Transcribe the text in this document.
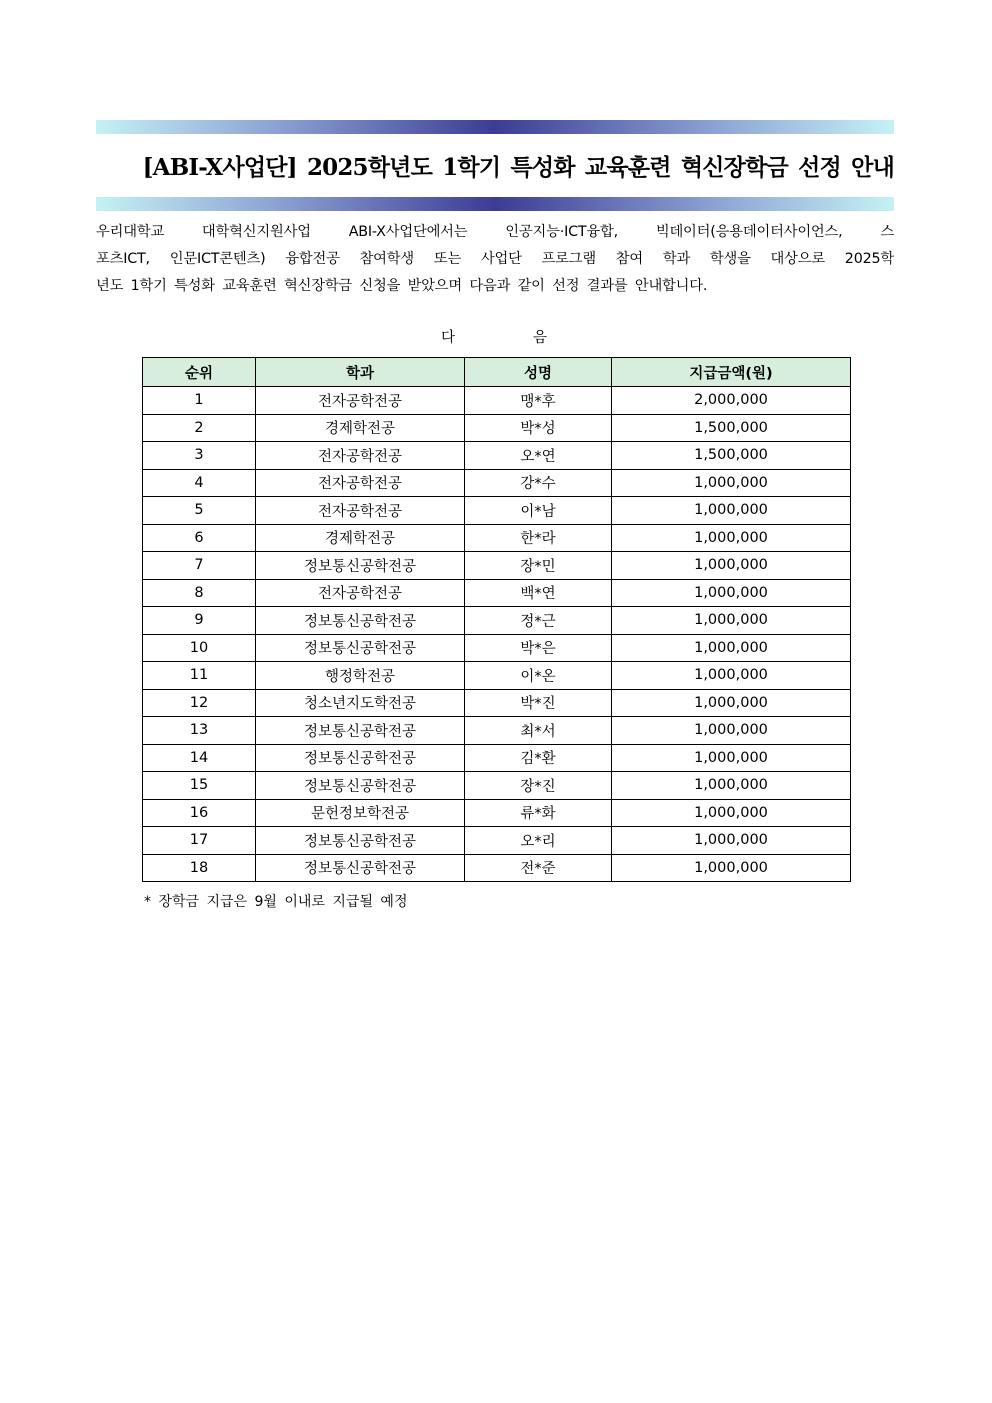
[ABI-X사업단] 2025학년도 1학기 특성화 교육훈련 혁신장학금 선정 안내
우리대학교 대학혁신지원사업 ABI-X사업단에서는 인공지능·ICT융합, 빅데이터(응용데이터사이언스, 스
포츠ICT, 인문ICT콘텐츠) 융합전공 참여학생 또는 사업단 프로그램 참여 학과 학생을 대상으로 2025학
년도 1학기 특성화 교육훈련 혁신장학금 신청을 받았으며 다음과 같이 선정 결과를 안내합니다.
다	음
순위	학과	성명	지급금액(원)
1	전자공학전공	맹*후	2,000,000
2	경제학전공	박*성	1,500,000
3	전자공학전공	오*연	1,500,000
4	전자공학전공	강*수	1,000,000
5	전자공학전공	이*남	1,000,000
6	경제학전공	한*라	1,000,000
7	정보통신공학전공	장*민	1,000,000
8	전자공학전공	백*연	1,000,000
9	정보통신공학전공	정*근	1,000,000
10	정보통신공학전공	박*은	1,000,000
11	행정학전공	이*온	1,000,000
12	청소년지도학전공	박*진	1,000,000
13	정보통신공학전공	최*서	1,000,000
14	정보통신공학전공	김*환	1,000,000
15	정보통신공학전공	장*진	1,000,000
16	문헌정보학전공	류*화	1,000,000
17	정보통신공학전공	오*리	1,000,000
18	정보통신공학전공	전*준	1,000,000
* 장학금 지급은 9월 이내로 지급될 예정
